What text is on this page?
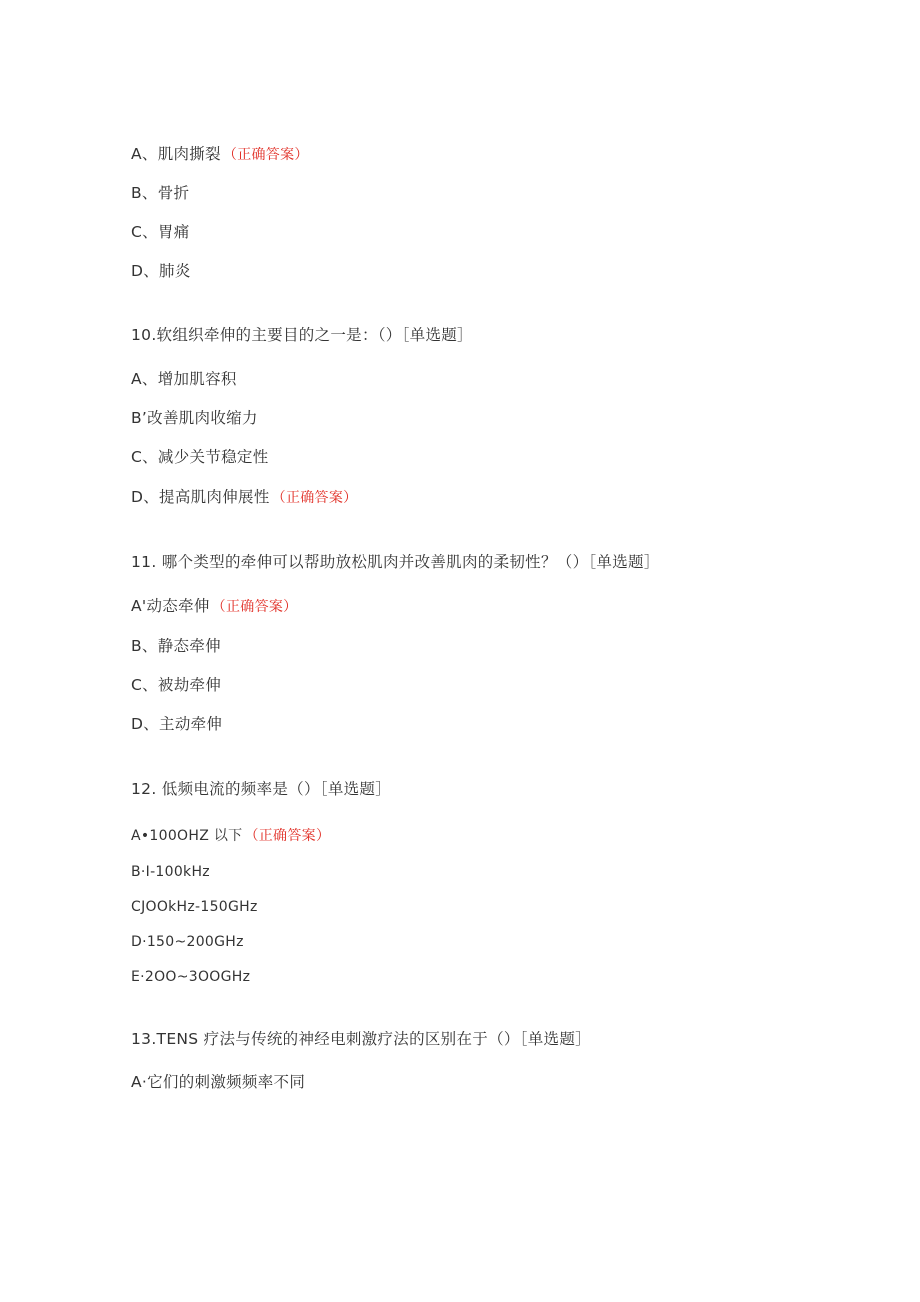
A、肌肉撕裂 （正确答案）
B、骨折
C、胃痛
D、肺炎
10.软组织牵伸的主要目的之一是：（）［单选题］
A、增加肌容积
B’改善肌肉收缩力
C、减少关节稳定性
D、提高肌肉伸展性 （正确答案）
11. 哪个类型的牵伸可以帮助放松肌肉并改善肌肉的柔韧性？（）［单选题］
A'动态牵伸 （正确答案）
B、静态牵伸
C、被劫牵伸
D、主动牵伸
12. 低频电流的频率是（）［单选题］
A•100OHZ 以下 （正确答案）
B·I-100kHz
CJOOkHz-150GHz
D·150~200GHz
E·2OO~3OOGHz
13.TENS 疗法与传统的神经电刺激疗法的区别在于（）［单选题］
A·它们的刺激频频率不同
